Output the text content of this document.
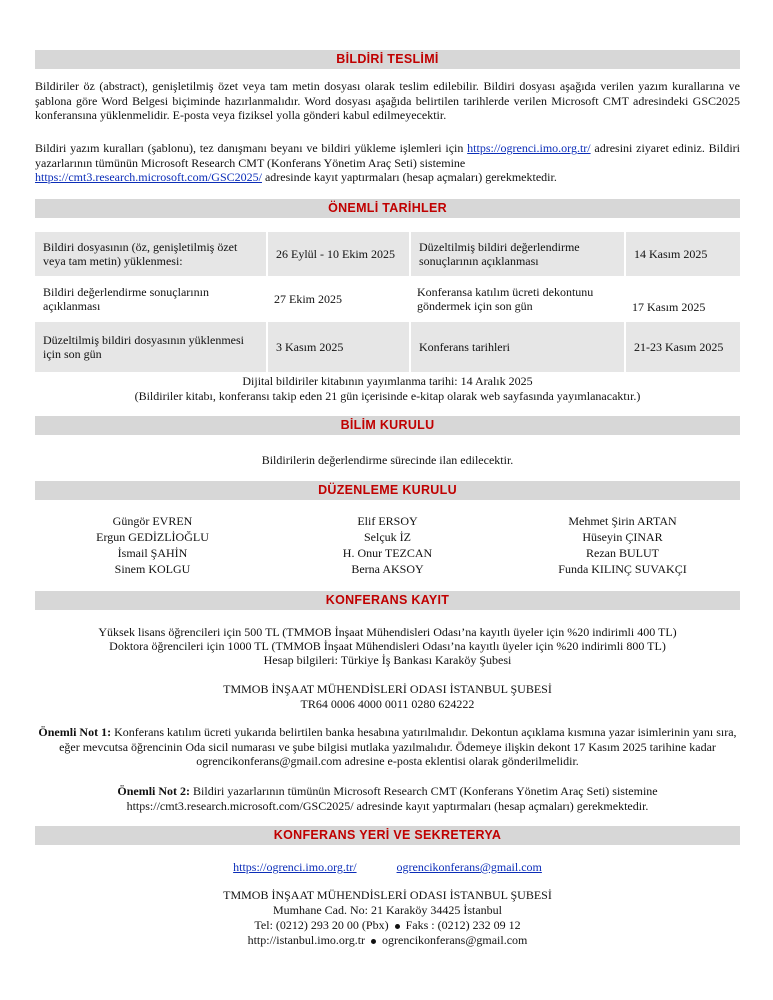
BİLDİRİ TESLİMİ

Bildiriler öz (abstract), genişletilmiş özet veya tam metin dosyası olarak teslim edilebilir. Bildiri dosyası aşağıda verilen yazım kurallarına ve şablona göre Word Belgesi biçiminde hazırlanmalıdır. Word dosyası aşağıda belirtilen tarihlerde verilen Microsoft CMT adresindeki GSC2025 konferansına yüklenmelidir. E-posta veya fiziksel yolla gönderi kabul edilmeyecektir.

Bildiri yazım kuralları (şablonu), tez danışmanı beyanı ve bildiri yükleme işlemleri için https://ogrenci.imo.org.tr/ adresini ziyaret ediniz. Bildiri yazarlarının tümünün Microsoft Research CMT (Konferans Yönetim Araç Seti) sistemine
https://cmt3.research.microsoft.com/GSC2025/ adresinde kayıt yaptırmaları (hesap açmaları) gerekmektedir.

ÖNEMLİ TARİHLER
Bildiri dosyasının (öz, genişletilmiş özet veya tam metin) yüklenmesi:	26 Eylül - 10 Ekim 2025	Düzeltilmiş bildiri değerlendirme sonuçlarının açıklanması	14 Kasım 2025
Bildiri değerlendirme sonuçlarının açıklanması	27 Ekim 2025	Konferansa katılım ücreti dekontunu göndermek için son gün	17 Kasım 2025
Düzeltilmiş bildiri dosyasının yüklenmesi için son gün	3 Kasım 2025	Konferans tarihleri	21-23 Kasım 2025

Dijital bildiriler kitabının yayımlanma tarihi: 14 Aralık 2025

(Bildiriler kitabı, konferansı takip eden 21 gün içerisinde e-kitap olarak web sayfasında yayımlanacaktır.)

BİLİM KURULU

Bildirilerin değerlendirme sürecinde ilan edilecektir.

DÜZENLEME KURULU
Güngör EVREN	Elif ERSOY	Mehmet Şirin ARTAN
Ergun GEDİZLİOĞLU	Selçuk İZ	Hüseyin ÇINAR
İsmail ŞAHİN	H. Onur TEZCAN	Rezan BULUT
Sinem KOLGU	Berna AKSOY	Funda KILINÇ SUVAKÇI
KONFERANS KAYIT

Yüksek lisans öğrencileri için 500 TL (TMMOB İnşaat Mühendisleri Odası’na kayıtlı üyeler için %20 indirimli 400 TL)

Doktora öğrencileri için 1000 TL (TMMOB İnşaat Mühendisleri Odası’na kayıtlı üyeler için %20 indirimli 800 TL)

Hesap bilgileri: Türkiye İş Bankası Karaköy Şubesi

TMMOB İNŞAAT MÜHENDİSLERİ ODASI İSTANBUL ŞUBESİ

TR64 0006 4000 0011 0280 624222

Önemli Not 1: Konferans katılım ücreti yukarıda belirtilen banka hesabına yatırılmalıdır. Dekontun açıklama kısmına yazar isimlerinin yanı sıra, eğer mevcutsa öğrencinin Oda sicil numarası ve şube bilgisi mutlaka yazılmalıdır. Ödemeye ilişkin dekont 17 Kasım 2025 tarihine kadar ogrencikonferans@gmail.com adresine e-posta eklentisi olarak gönderilmelidir.

Önemli Not 2: Bildiri yazarlarının tümünün Microsoft Research CMT (Konferans Yönetim Araç Seti) sistemine https://cmt3.research.microsoft.com/GSC2025/ adresinde kayıt yaptırmaları (hesap açmaları) gerekmektedir.

KONFERANS YERİ VE SEKRETERYA

https://ogrenci.imo.org.tr/	ogrencikonferans@gmail.com

TMMOB İNŞAAT MÜHENDİSLERİ ODASI İSTANBUL ŞUBESİ

Mumhane Cad. No: 21 Karaköy 34425 İstanbul

Tel: (0212) 293 20 00 (Pbx) Faks : (0212) 232 09 12

http://istanbul.imo.org.tr ogrencikonferans@gmail.com
